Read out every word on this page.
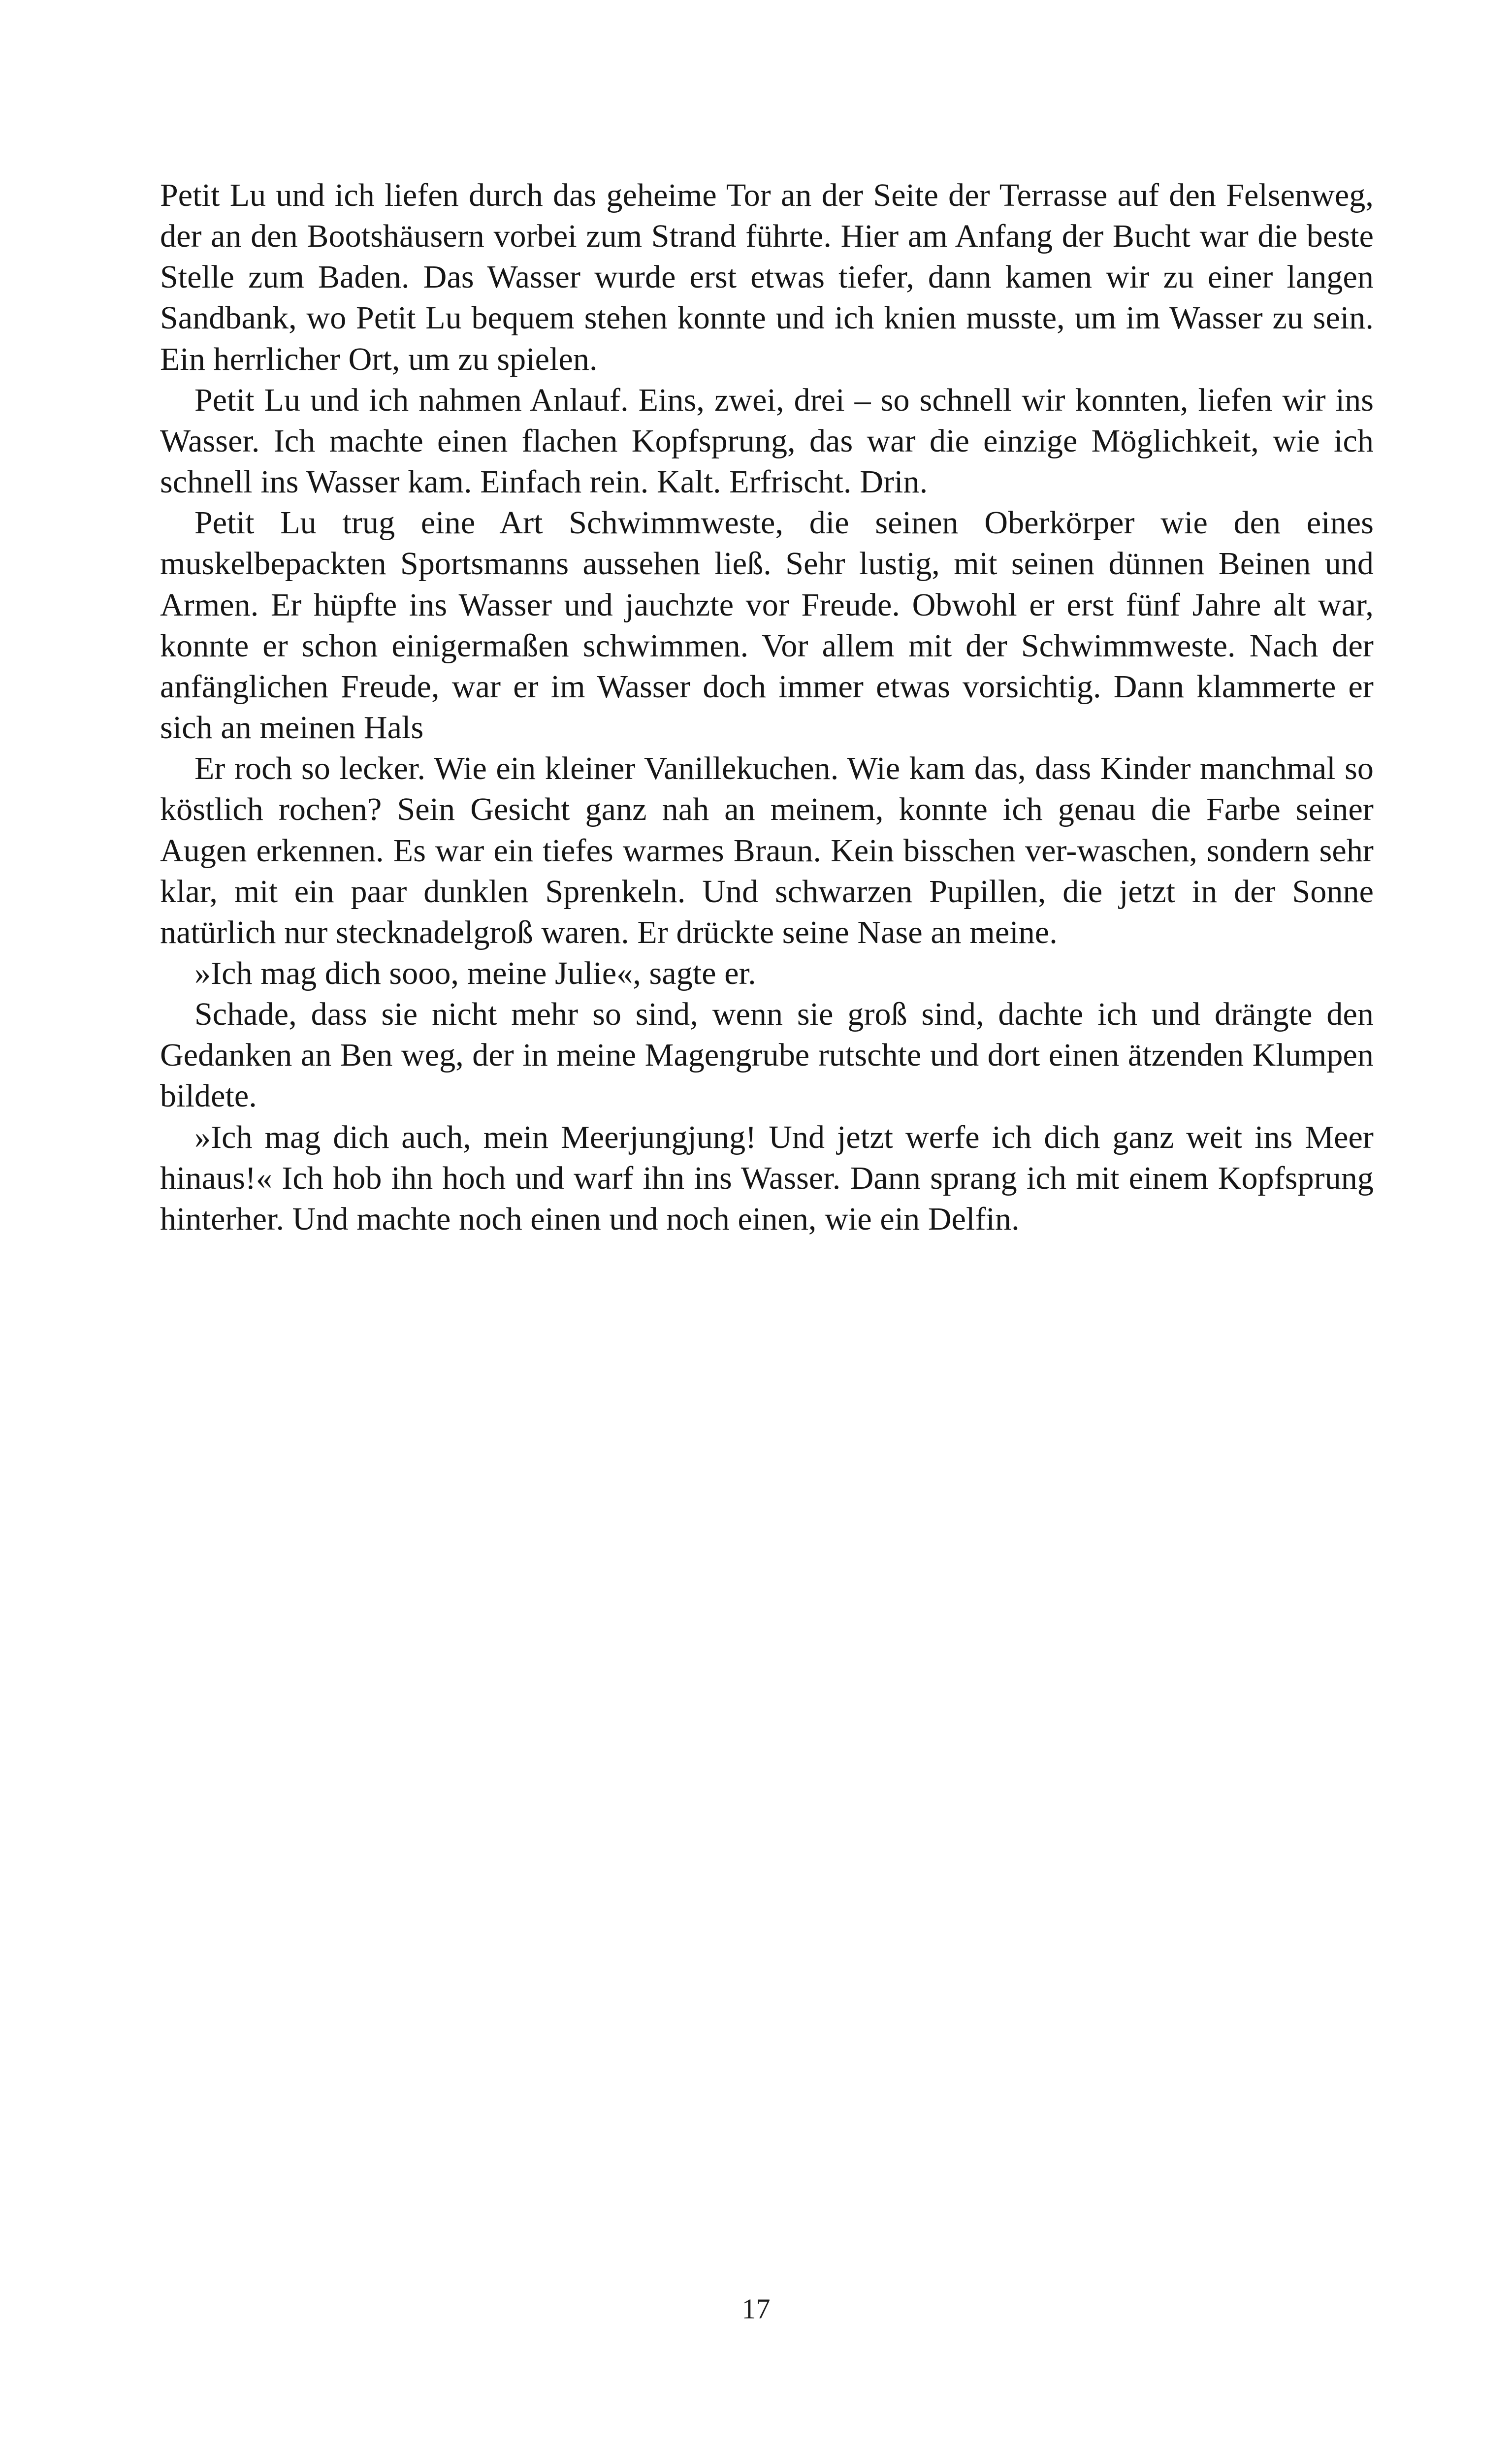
Petit Lu und ich liefen durch das geheime Tor an der Seite der Terrasse auf den Felsenweg, der an den Bootshäusern vorbei zum Strand führte. Hier am Anfang der Bucht war die beste Stelle zum Baden. Das Wasser wurde erst etwas tiefer, dann kamen wir zu einer langen Sandbank, wo Petit Lu bequem stehen konnte und ich knien musste, um im Wasser zu sein. Ein herrlicher Ort, um zu spielen.

Petit Lu und ich nahmen Anlauf. Eins, zwei, drei – so schnell wir konnten, liefen wir ins Wasser. Ich machte einen flachen Kopfsprung, das war die einzige Möglichkeit, wie ich schnell ins Wasser kam. Einfach rein. Kalt. Erfrischt. Drin.

Petit Lu trug eine Art Schwimmweste, die seinen Oberkörper wie den eines muskelbepackten Sportsmanns aussehen ließ. Sehr lustig, mit seinen dünnen Beinen und Armen. Er hüpfte ins Wasser und jauchzte vor Freude. Obwohl er erst fünf Jahre alt war, konnte er schon einigermaßen schwimmen. Vor allem mit der Schwimmweste. Nach der anfänglichen Freude, war er im Wasser doch immer etwas vorsichtig. Dann klammerte er sich an meinen Hals

Er roch so lecker. Wie ein kleiner Vanillekuchen. Wie kam das, dass Kinder manchmal so köstlich rochen? Sein Gesicht ganz nah an meinem, konnte ich genau die Farbe seiner Augen erkennen. Es war ein tiefes warmes Braun. Kein bisschen ver-waschen, sondern sehr klar, mit ein paar dunklen Sprenkeln. Und schwarzen Pupillen, die jetzt in der Sonne natürlich nur stecknadelgroß waren. Er drückte seine Nase an meine.

»Ich mag dich sooo, meine Julie«, sagte er.

Schade, dass sie nicht mehr so sind, wenn sie groß sind, dachte ich und drängte den Gedanken an Ben weg, der in meine Magengrube rutschte und dort einen ätzenden Klumpen bildete.

»Ich mag dich auch, mein Meerjungjung! Und jetzt werfe ich dich ganz weit ins Meer hinaus!« Ich hob ihn hoch und warf ihn ins Wasser. Dann sprang ich mit einem Kopfsprung hinterher. Und machte noch einen und noch einen, wie ein Delfin.

17
